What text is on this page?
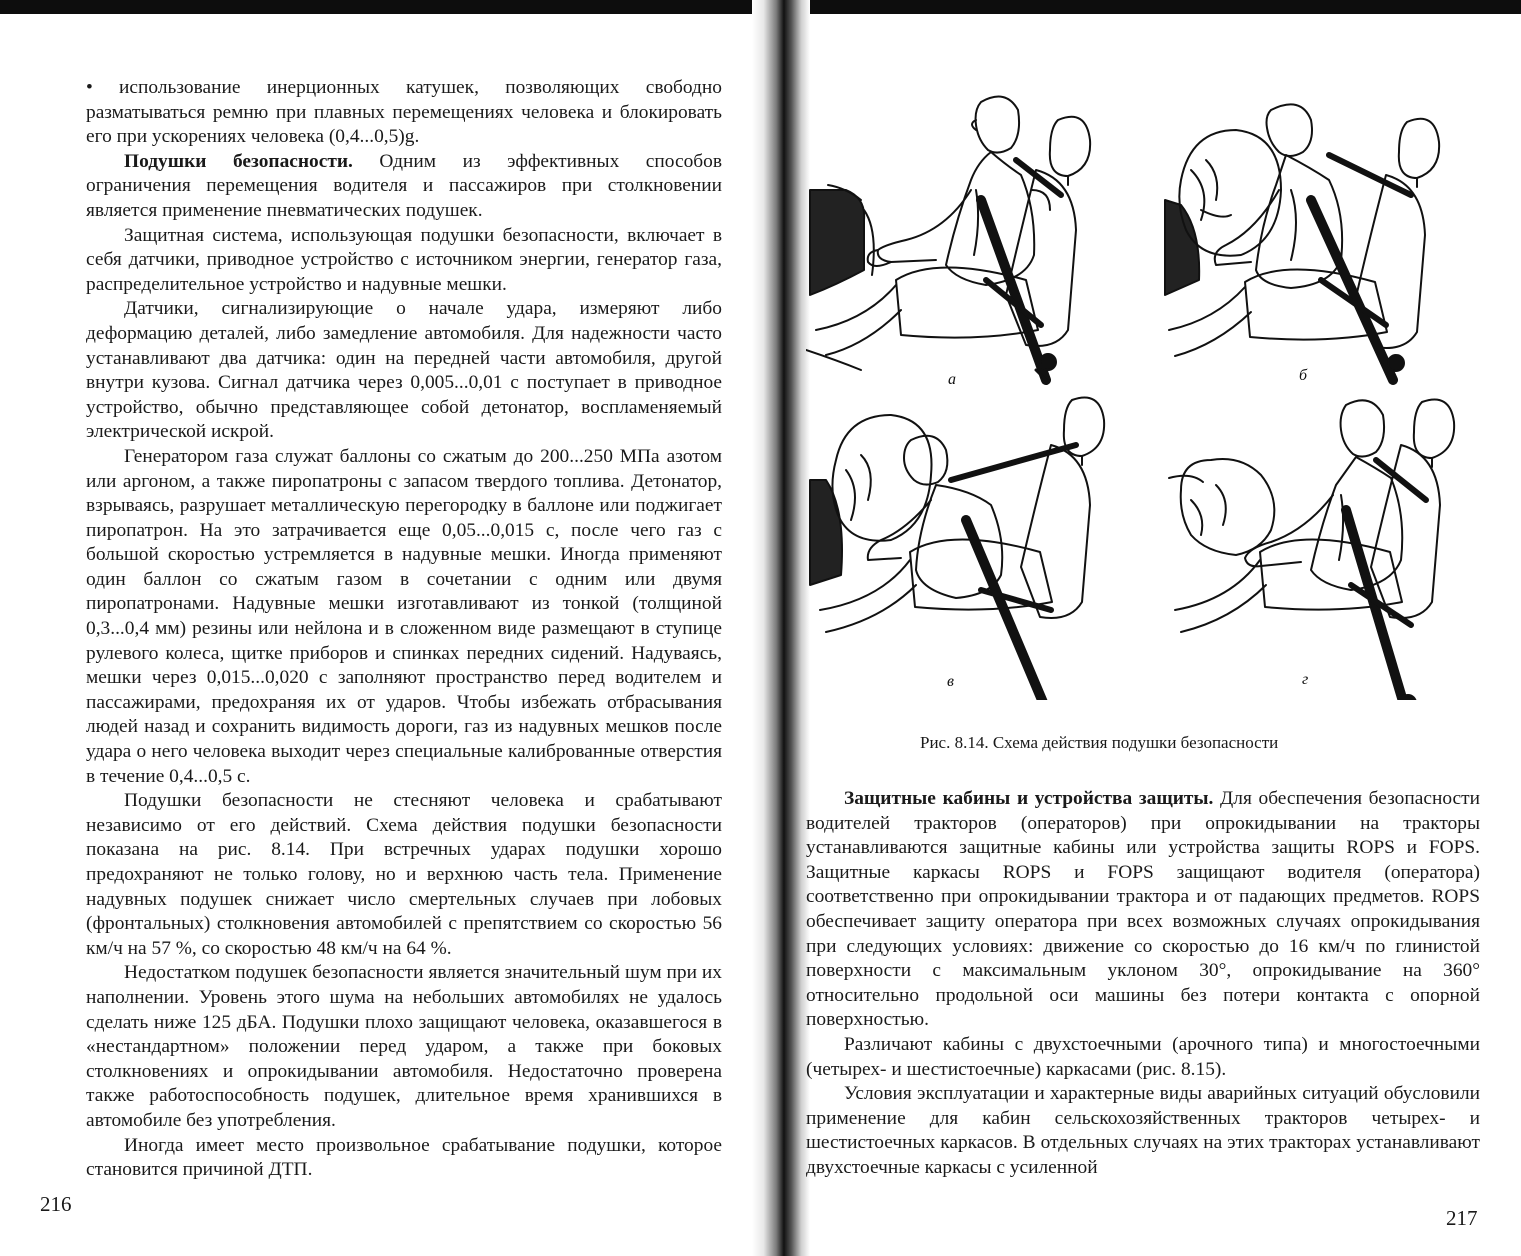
• использование инерционных катушек, позволяющих свободно разматываться ремню при плавных перемещениях человека и блокировать его при ускорениях человека (0,4...0,5)g.

Подушки безопасности. Одним из эффективных способов ограничения перемещения водителя и пассажиров при столкновении является применение пневматических подушек.

Защитная система, использующая подушки безопасности, включает в себя датчики, приводное устройство с источником энергии, генератор газа, распределительное устройство и надувные мешки.

Датчики, сигнализирующие о начале удара, измеряют либо деформацию деталей, либо замедление автомобиля. Для надежности часто устанавливают два датчика: один на передней части автомобиля, другой внутри кузова. Сигнал датчика через 0,005...0,01 с поступает в приводное устройство, обычно представляющее собой детонатор, воспламеняемый электрической искрой.

Генератором газа служат баллоны со сжатым до 200...250 МПа азотом или аргоном, а также пиропатроны с запасом твердого топлива. Детонатор, взрываясь, разрушает металлическую перегородку в баллоне или поджигает пиропатрон. На это затрачивается еще 0,05...0,015 с, после чего газ с большой скоростью устремляется в надувные мешки. Иногда применяют один баллон со сжатым газом в сочетании с одним или двумя пиропатронами. Надувные мешки изготавливают из тонкой (толщиной 0,3...0,4 мм) резины или нейлона и в сложенном виде размещают в ступице рулевого колеса, щитке приборов и спинках передних сидений. Надуваясь, мешки через 0,015...0,020 с заполняют пространство перед водителем и пассажирами, предохраняя их от ударов. Чтобы избежать отбрасывания людей назад и сохранить видимость дороги, газ из надувных мешков после удара о него человека выходит через специальные калиброванные отверстия в течение 0,4...0,5 с.

Подушки безопасности не стесняют человека и срабатывают независимо от его действий. Схема действия подушки безопасности показана на рис. 8.14. При встречных ударах подушки хорошо предохраняют не только голову, но и верхнюю часть тела. Применение надувных подушек снижает число смертельных случаев при лобовых (фронтальных) столкновения автомобилей с препятствием со скоростью 56 км/ч на 57 %, со скоростью 48 км/ч на 64 %.

Недостатком подушек безопасности является значительный шум при их наполнении. Уровень этого шума на небольших автомобилях не удалось сделать ниже 125 дБА. Подушки плохо защищают человека, оказавшегося в «нестандартном» положении перед ударом, а также при боковых столкновениях и опрокидывании автомобиля. Недостаточно проверена также работоспособность подушек, длительное время хранившихся в автомобиле без употребления.

Иногда имеет место произвольное срабатывание подушки, которое становится причиной ДТП.

216
а	б
в	г
Рис. 8.14. Схема действия подушки безопасности

Защитные кабины и устройства защиты. Для обеспечения безопасности водителей тракторов (операторов) при опрокидывании на тракторы устанавливаются защитные кабины или устройства защиты ROPS и FOPS. Защитные каркасы ROPS и FOPS защищают водителя (оператора) соответственно при опрокидывании трактора и от падающих предметов. ROPS обеспечивает защиту оператора при всех возможных случаях опрокидывания при следующих условиях: движение со скоростью до 16 км/ч по глинистой поверхности с максимальным уклоном 30°, опрокидывание на 360° относительно продольной оси машины без потери контакта с опорной поверхностью.

Различают кабины с двухстоечными (арочного типа) и многостоечными (четырех- и шестистоечные) каркасами (рис. 8.15).

Условия эксплуатации и характерные виды аварийных ситуаций обусловили применение для кабин сельскохозяйственных тракторов четырех- и шестистоечных каркасов. В отдельных случаях на этих тракторах устанавливают двухстоечные каркасы с усиленной

217
